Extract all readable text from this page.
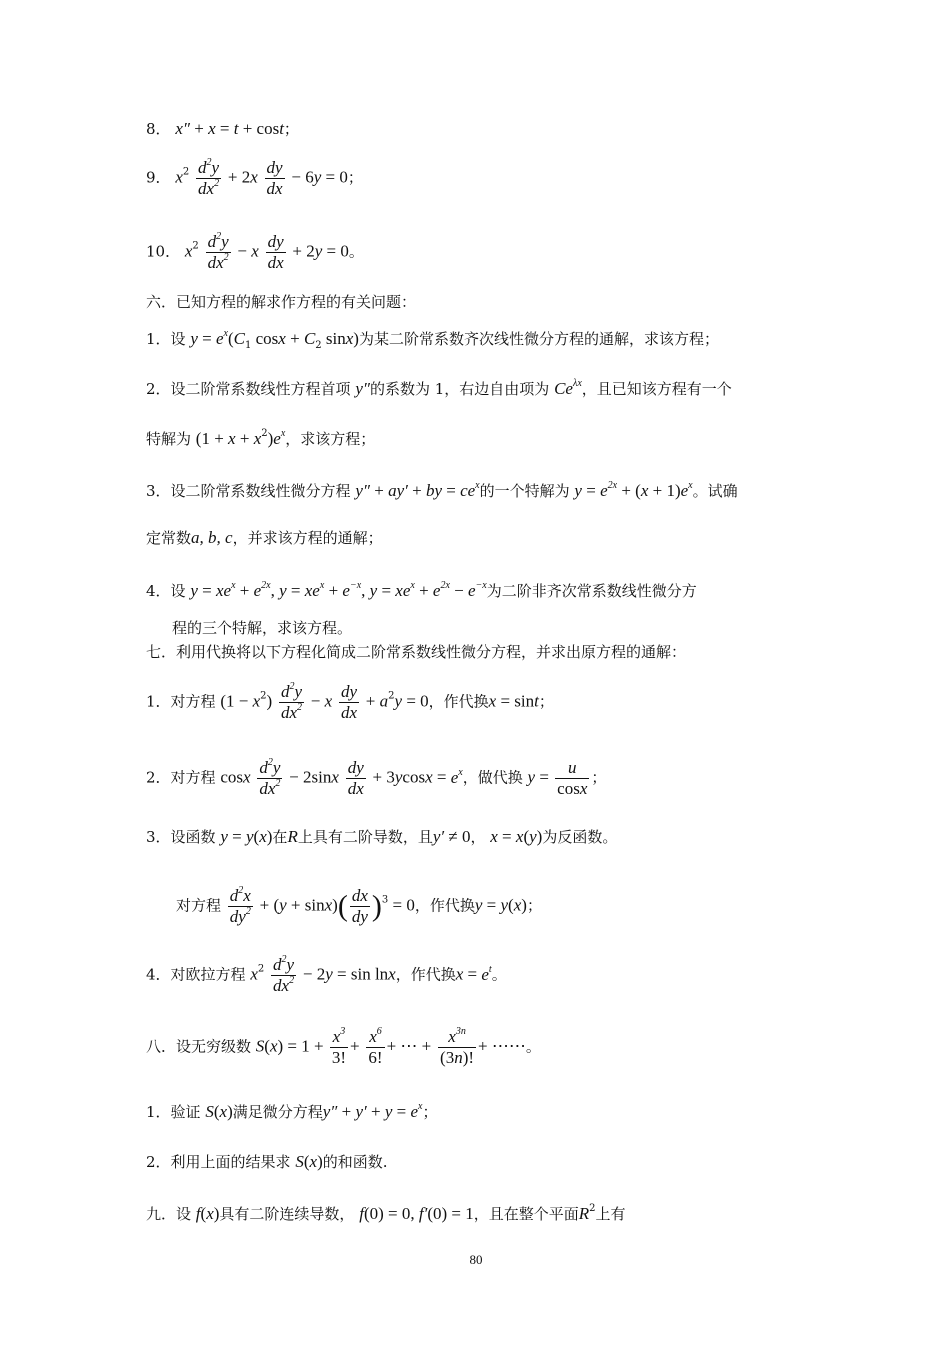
8． x″ + x = t + cost；
9． $x^2 \frac{d^2y}{dx^2} + 2x \frac{dy}{dx} - 6y = 0$；
10． $x^2 \frac{d^2y}{dx^2} - x \frac{dy}{dx} + 2y = 0$。
六．已知方程的解求作方程的有关问题：
1．设 $y = e^x(C_1$ $\cos x + C_2$ sinx)为某二阶常系数齐次线性微分方程的通解，求该方程；
2．设二阶常系数线性方程首项 y″的系数为 1，右边自由项为 $Ce^{\lambda x}$，且已知该方程有一个
特解为 $(1 + x + x^2)e^x$，求该方程；
3．设二阶常系数线性微分方程 y″ + ay′ + by = $ce^x$的一个特解为 $y = e^{2x} + (x + 1)e^x$。试确
定常数a, b, c，并求该方程的通解；
4．设 $y = xe^x + e^{2x}$, $y = xe^x + e^{-x}$, $y = xe^x + e^{2x} - e^{-x}$为二阶非齐次常系数线性微分方
程的三个特解，求该方程。
七．利用代换将以下方程化简成二阶常系数线性微分方程，并求出原方程的通解：
1．对方程 $(1 - x^2) \frac{d^2y}{dx^2} - x \frac{dy}{dx} + a^2y = 0$，作代换x = sint；
2．对方程 cosx $\frac{d^2y}{dx^2} - 2\sin x \frac{dy}{dx} + 3ycosx = e^x$，做代换 $y = \frac{u}{\cos x}$ ；
3．设函数 y = y(x)在R上具有二阶导数，且y′ ≠ 0， x = x(y)为反函数。
对方程 $\frac{d^2x}{dy^2} + (y + \sin x)( \frac{dx}{dy} )^3 = 0$，作代换y = y(x)；
4．对欧拉方程 $x^2 \frac{d^2y}{dx^2} - 2y = \sin \ln x$，作代换$x = e^t$。
八．设无穷级数 $S(x) = 1 + \frac{x^3}{3!} + \frac{x^6}{6!}$ + ⋯ + $\frac{x^{3n}}{(3n)!}$ + ⋯⋯。
1．验证 S(x)满足微分方程$y'' + y' + y = e^x$；
2．利用上面的结果求 S(x)的和函数.
九．设 f(x)具有二阶连续导数， f(0) = 0, f′(0) = 1，且在整个平面$R^2$上有
80
